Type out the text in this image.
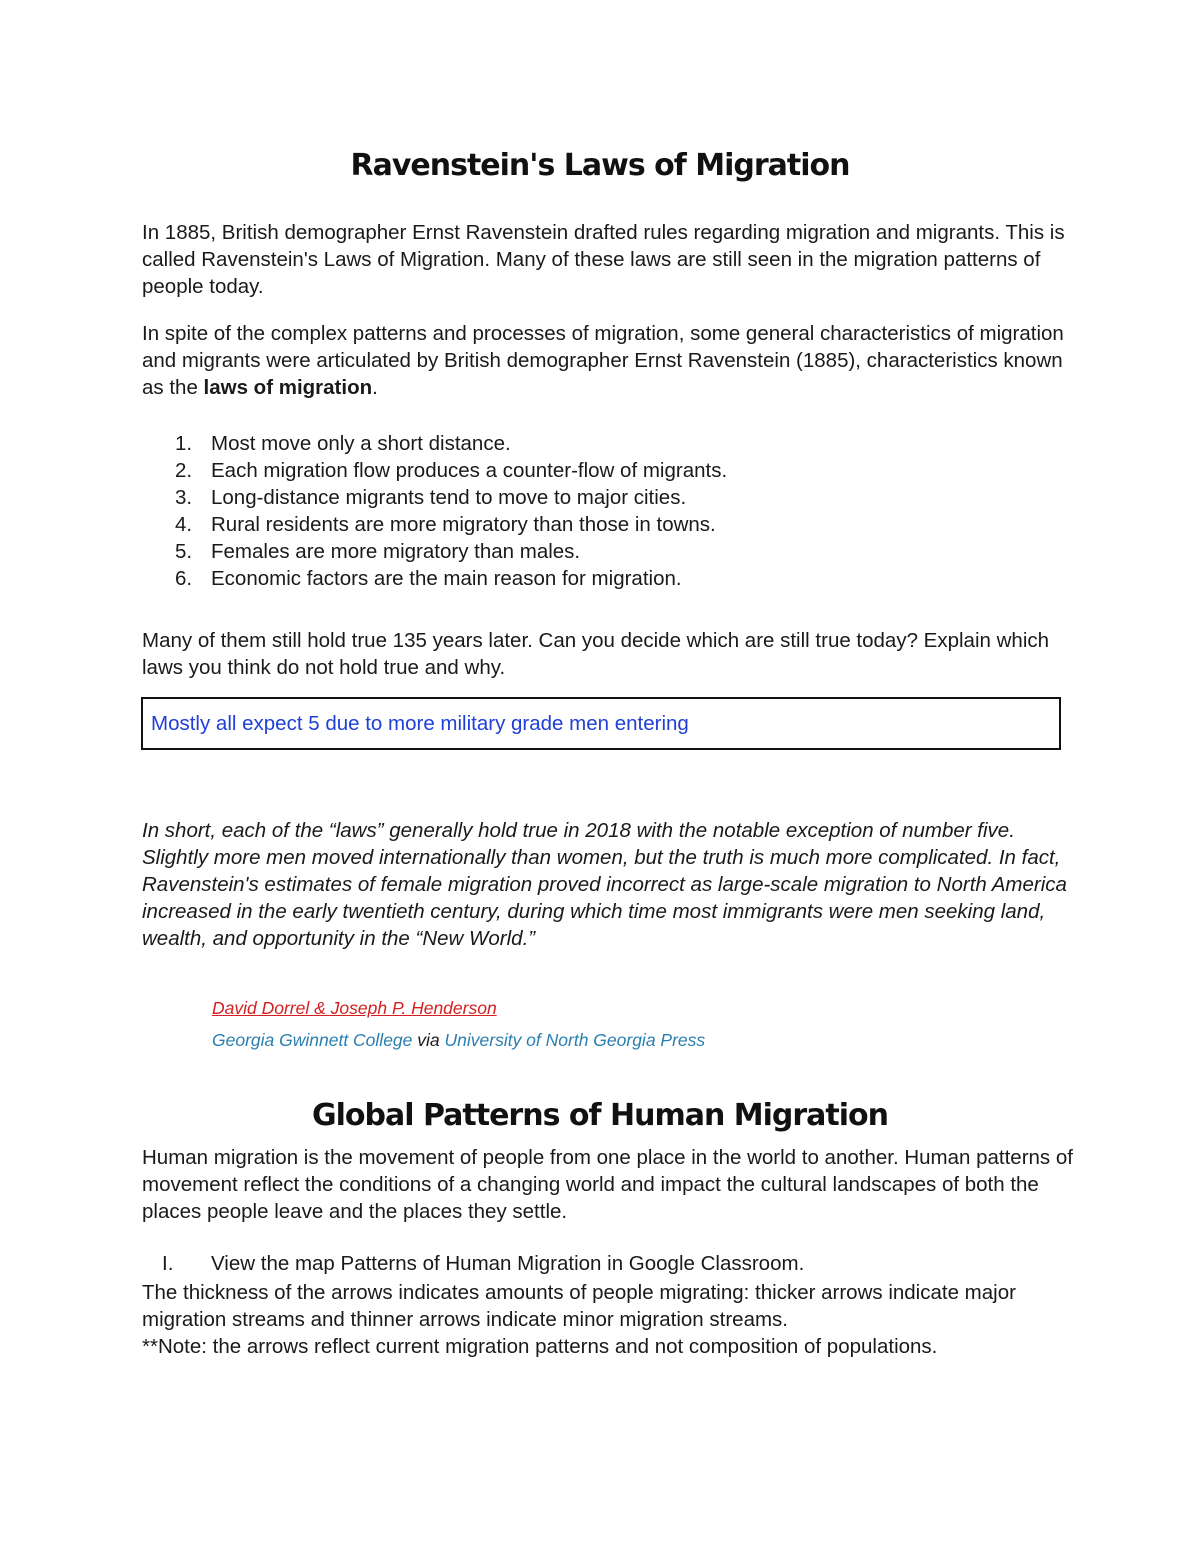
Ravenstein's Laws of Migration

In 1885, British demographer Ernst Ravenstein drafted rules regarding migration and migrants. This is called Ravenstein's Laws of Migration. Many of these laws are still seen in the migration patterns of people today.

In spite of the complex patterns and processes of migration, some general characteristics of migration and migrants were articulated by British demographer Ernst Ravenstein (1885), characteristics known as the laws of migration.

1. Most move only a short distance.
2. Each migration flow produces a counter-flow of migrants.
3. Long-distance migrants tend to move to major cities.
4. Rural residents are more migratory than those in towns.
5. Females are more migratory than males.
6. Economic factors are the main reason for migration.

Many of them still hold true 135 years later. Can you decide which are still true today? Explain which laws you think do not hold true and why.

Mostly all expect 5 due to more military grade men entering

In short, each of the “laws” generally hold true in 2018 with the notable exception of number five. Slightly more men moved internationally than women, but the truth is much more complicated. In fact, Ravenstein's estimates of female migration proved incorrect as large-scale migration to North America increased in the early twentieth century, during which time most immigrants were men seeking land, wealth, and opportunity in the “New World.”

David Dorrel & Joseph P. Henderson
Georgia Gwinnett College via University of North Georgia Press
Global Patterns of Human Migration

Human migration is the movement of people from one place in the world to another. Human patterns of movement reflect the conditions of a changing world and impact the cultural landscapes of both the places people leave and the places they settle.

I. View the map Patterns of Human Migration in Google Classroom.

The thickness of the arrows indicates amounts of people migrating: thicker arrows indicate major migration streams and thinner arrows indicate minor migration streams.
**Note: the arrows reflect current migration patterns and not composition of populations.
